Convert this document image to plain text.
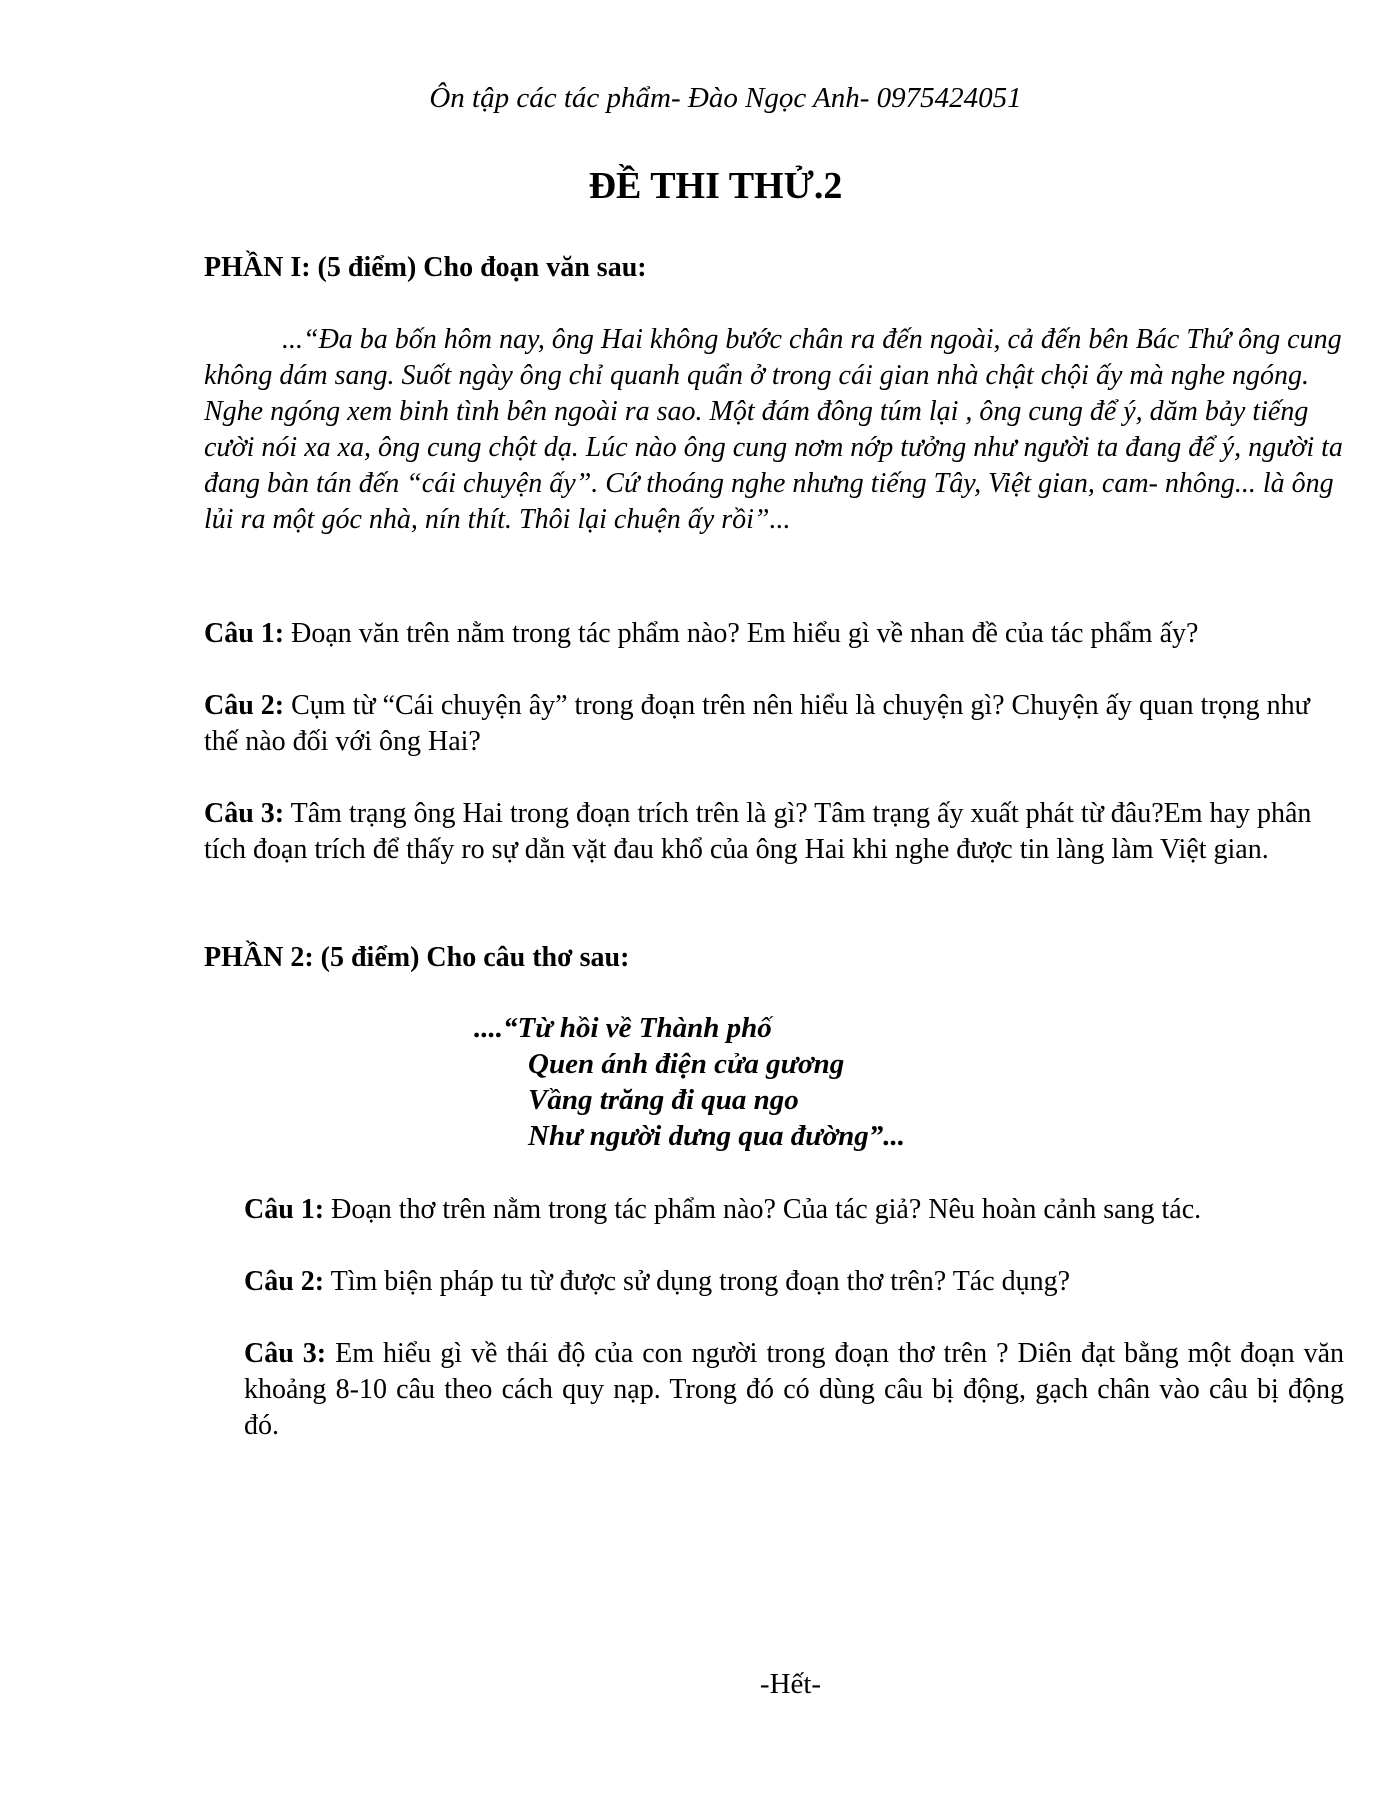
Ôn tập các tác phẩm- Đào Ngọc Anh- 0975424051
ĐỀ THI THỬ.2
PHẦN I: (5 điểm) Cho đoạn văn sau:
...“Đa ba bốn hôm nay, ông Hai không bước chân ra đến ngoài, cả đến bên Bác Thứ ông cung không dám sang. Suốt ngày ông chỉ quanh quẩn ở trong cái gian nhà chật chội ấy mà nghe ngóng. Nghe ngóng xem binh tình bên ngoài ra sao. Một đám đông túm lại , ông cung để ý, dăm bảy tiếng cười nói xa xa, ông cung chột dạ. Lúc nào ông cung nơm nớp tưởng như người ta đang để ý, người ta đang bàn tán đến “cái chuyện ấy”. Cứ thoáng nghe nhưng tiếng Tây, Việt gian, cam- nhông... là ông lủi ra một góc nhà, nín thít. Thôi lại chuện ấy rồi”...
Câu 1: Đoạn văn trên nằm trong tác phẩm nào? Em hiểu gì về nhan đề của tác phẩm ấy?
Câu 2: Cụm từ “Cái chuyện ây” trong đoạn trên nên hiểu là chuyện gì? Chuyện ấy quan trọng như thế nào đối với ông Hai?
Câu 3: Tâm trạng ông Hai trong đoạn trích trên là gì? Tâm trạng ấy xuất phát từ đâu?Em hay phân tích đoạn trích để thấy ro sự dằn vặt đau khổ của ông Hai khi nghe được tin làng làm Việt gian.
PHẦN 2: (5 điểm) Cho câu thơ sau:
....“Từ hồi về Thành phố
Quen ánh điện cửa gương
Vầng trăng đi qua ngo
Như người dưng qua đường”...
Câu 1: Đoạn thơ trên nằm trong tác phẩm nào? Của tác giả? Nêu hoàn cảnh sang tác.
Câu 2: Tìm biện pháp tu từ được sử dụng trong đoạn thơ trên? Tác dụng?
Câu 3: Em hiểu gì về thái độ của con người trong đoạn thơ trên ? Diên đạt bằng một đoạn văn khoảng 8-10 câu theo cách quy nạp. Trong đó có dùng câu bị động, gạch chân vào câu bị động đó.
-Hết-
